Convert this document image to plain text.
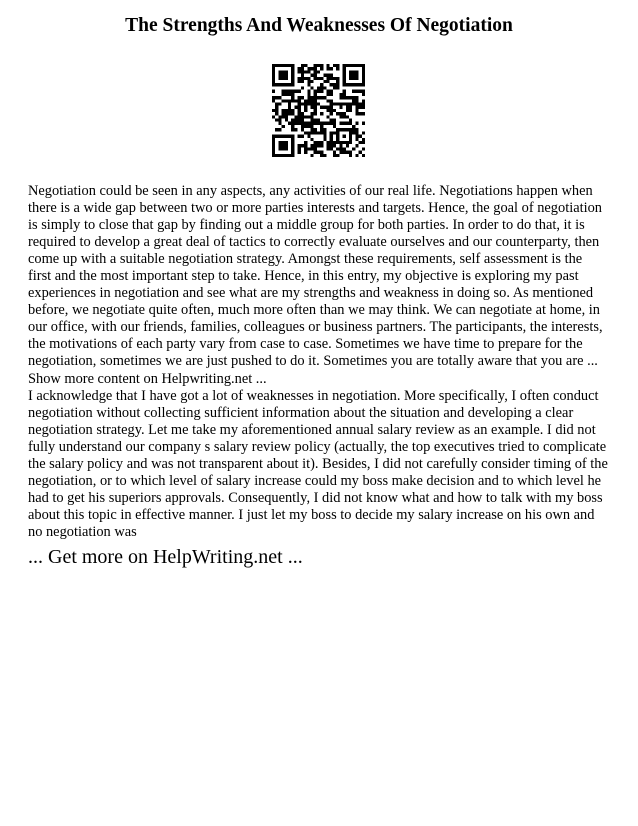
The Strengths And Weaknesses Of Negotiation

Negotiation could be seen in any aspects, any activities of our real life. Negotiations happen when there is a wide gap between two or more parties interests and targets. Hence, the goal of negotiation is simply to close that gap by finding out a middle group for both parties. In order to do that, it is required to develop a great deal of tactics to correctly evaluate ourselves and our counterparty, then come up with a suitable negotiation strategy. Amongst these requirements, self assessment is the first and the most important step to take. Hence, in this entry, my objective is exploring my past experiences in negotiation and see what are my strengths and weakness in doing so. As mentioned before, we negotiate quite often, much more often than we may think. We can negotiate at home, in our office, with our friends, families, colleagues or business partners. The participants, the interests, the motivations of each party vary from case to case. Sometimes we have time to prepare for the negotiation, sometimes we are just pushed to do it. Sometimes you are totally aware that you are ...

Show more content on Helpwriting.net ...

I acknowledge that I have got a lot of weaknesses in negotiation. More specifically, I often conduct negotiation without collecting sufficient information about the situation and developing a clear negotiation strategy. Let me take my aforementioned annual salary review as an example. I did not fully understand our company s salary review policy (actually, the top executives tried to complicate the salary policy and was not transparent about it). Besides, I did not carefully consider timing of the negotiation, or to which level of salary increase could my boss make decision and to which level he had to get his superiors approvals. Consequently, I did not know what and how to talk with my boss about this topic in effective manner. I just let my boss to decide my salary increase on his own and no negotiation was

... Get more on HelpWriting.net ...
